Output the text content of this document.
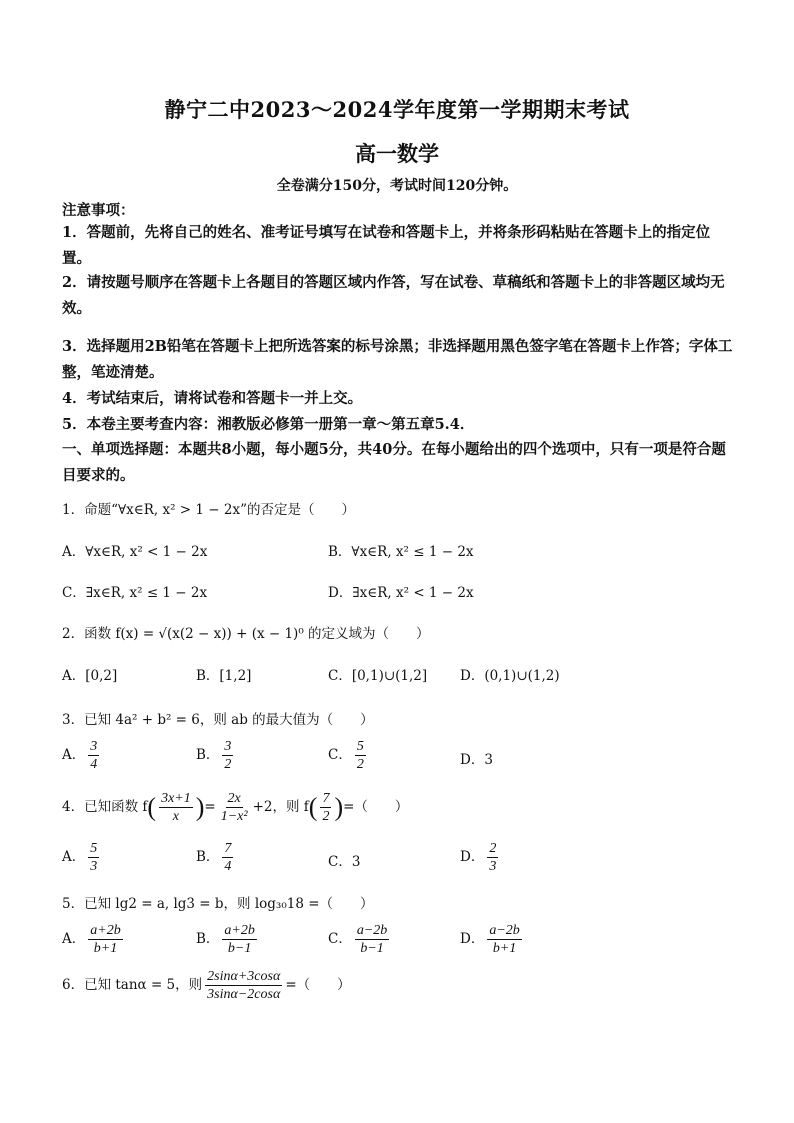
静宁二中2023～2024学年度第一学期期末考试
高一数学
全卷满分150分，考试时间120分钟。
注意事项：
1．答题前，先将自己的姓名、准考证号填写在试卷和答题卡上，并将条形码粘贴在答题卡上的指定位置。
2．请按题号顺序在答题卡上各题目的答题区域内作答，写在试卷、草稿纸和答题卡上的非答题区域均无效。
3．选择题用2B铅笔在答题卡上把所选答案的标号涂黑；非选择题用黑色签字笔在答题卡上作答；字体工整，笔迹清楚。
4．考试结束后，请将试卷和答题卡一并上交。
5．本卷主要考查内容：湘教版必修第一册第一章～第五章5.4．
一、单项选择题：本题共8小题，每小题5分，共40分。在每小题给出的四个选项中，只有一项是符合题目要求的。
1．命题“∀x∈R, x² > 1 − 2x”的否定是（　　）
A．∀x∈R, x² < 1 − 2x	B．∀x∈R, x² ≤ 1 − 2x
C．∃x∈R, x² ≤ 1 − 2x	D．∃x∈R, x² < 1 − 2x
2．函数 f(x) = √(x(2 − x)) + (x − 1)⁰ 的定义域为（　　）
A．[0,2]	B．[1,2]	C．[0,1)∪(1,2] D．(0,1)∪(1,2)
3．已知 4a² + b² = 6，则 ab 的最大值为（　　）
A． $\frac{3}{4}$	B． $\frac{3}{2}$	C． $\frac{5}{2}$	D．3
4．已知函数 $f( \frac{3x+1}{x}$ )= $\frac{2x}{\text{1−x²}} +2$，则 $f( \frac{7}{2}$ )=（　　）
A． $\frac{5}{3}$	B． $\frac{7}{4}$	C．3	D． $\frac{2}{3}$
5．已知 lg2 = a, lg3 = b，则 log₃₀18 =（　　）
A． $\frac{a+2b}{b+1}$	B． $\frac{a+2b}{b-1}$	C． $\frac{a-2b}{b-1}$	D． $\frac{a-2b}{b+1}$
6．已知 tanα = 5，则 $\frac{2\sin\alpha+3\cos\alpha}{3\sin\alpha-2\cos\alpha}$ =（　　）
